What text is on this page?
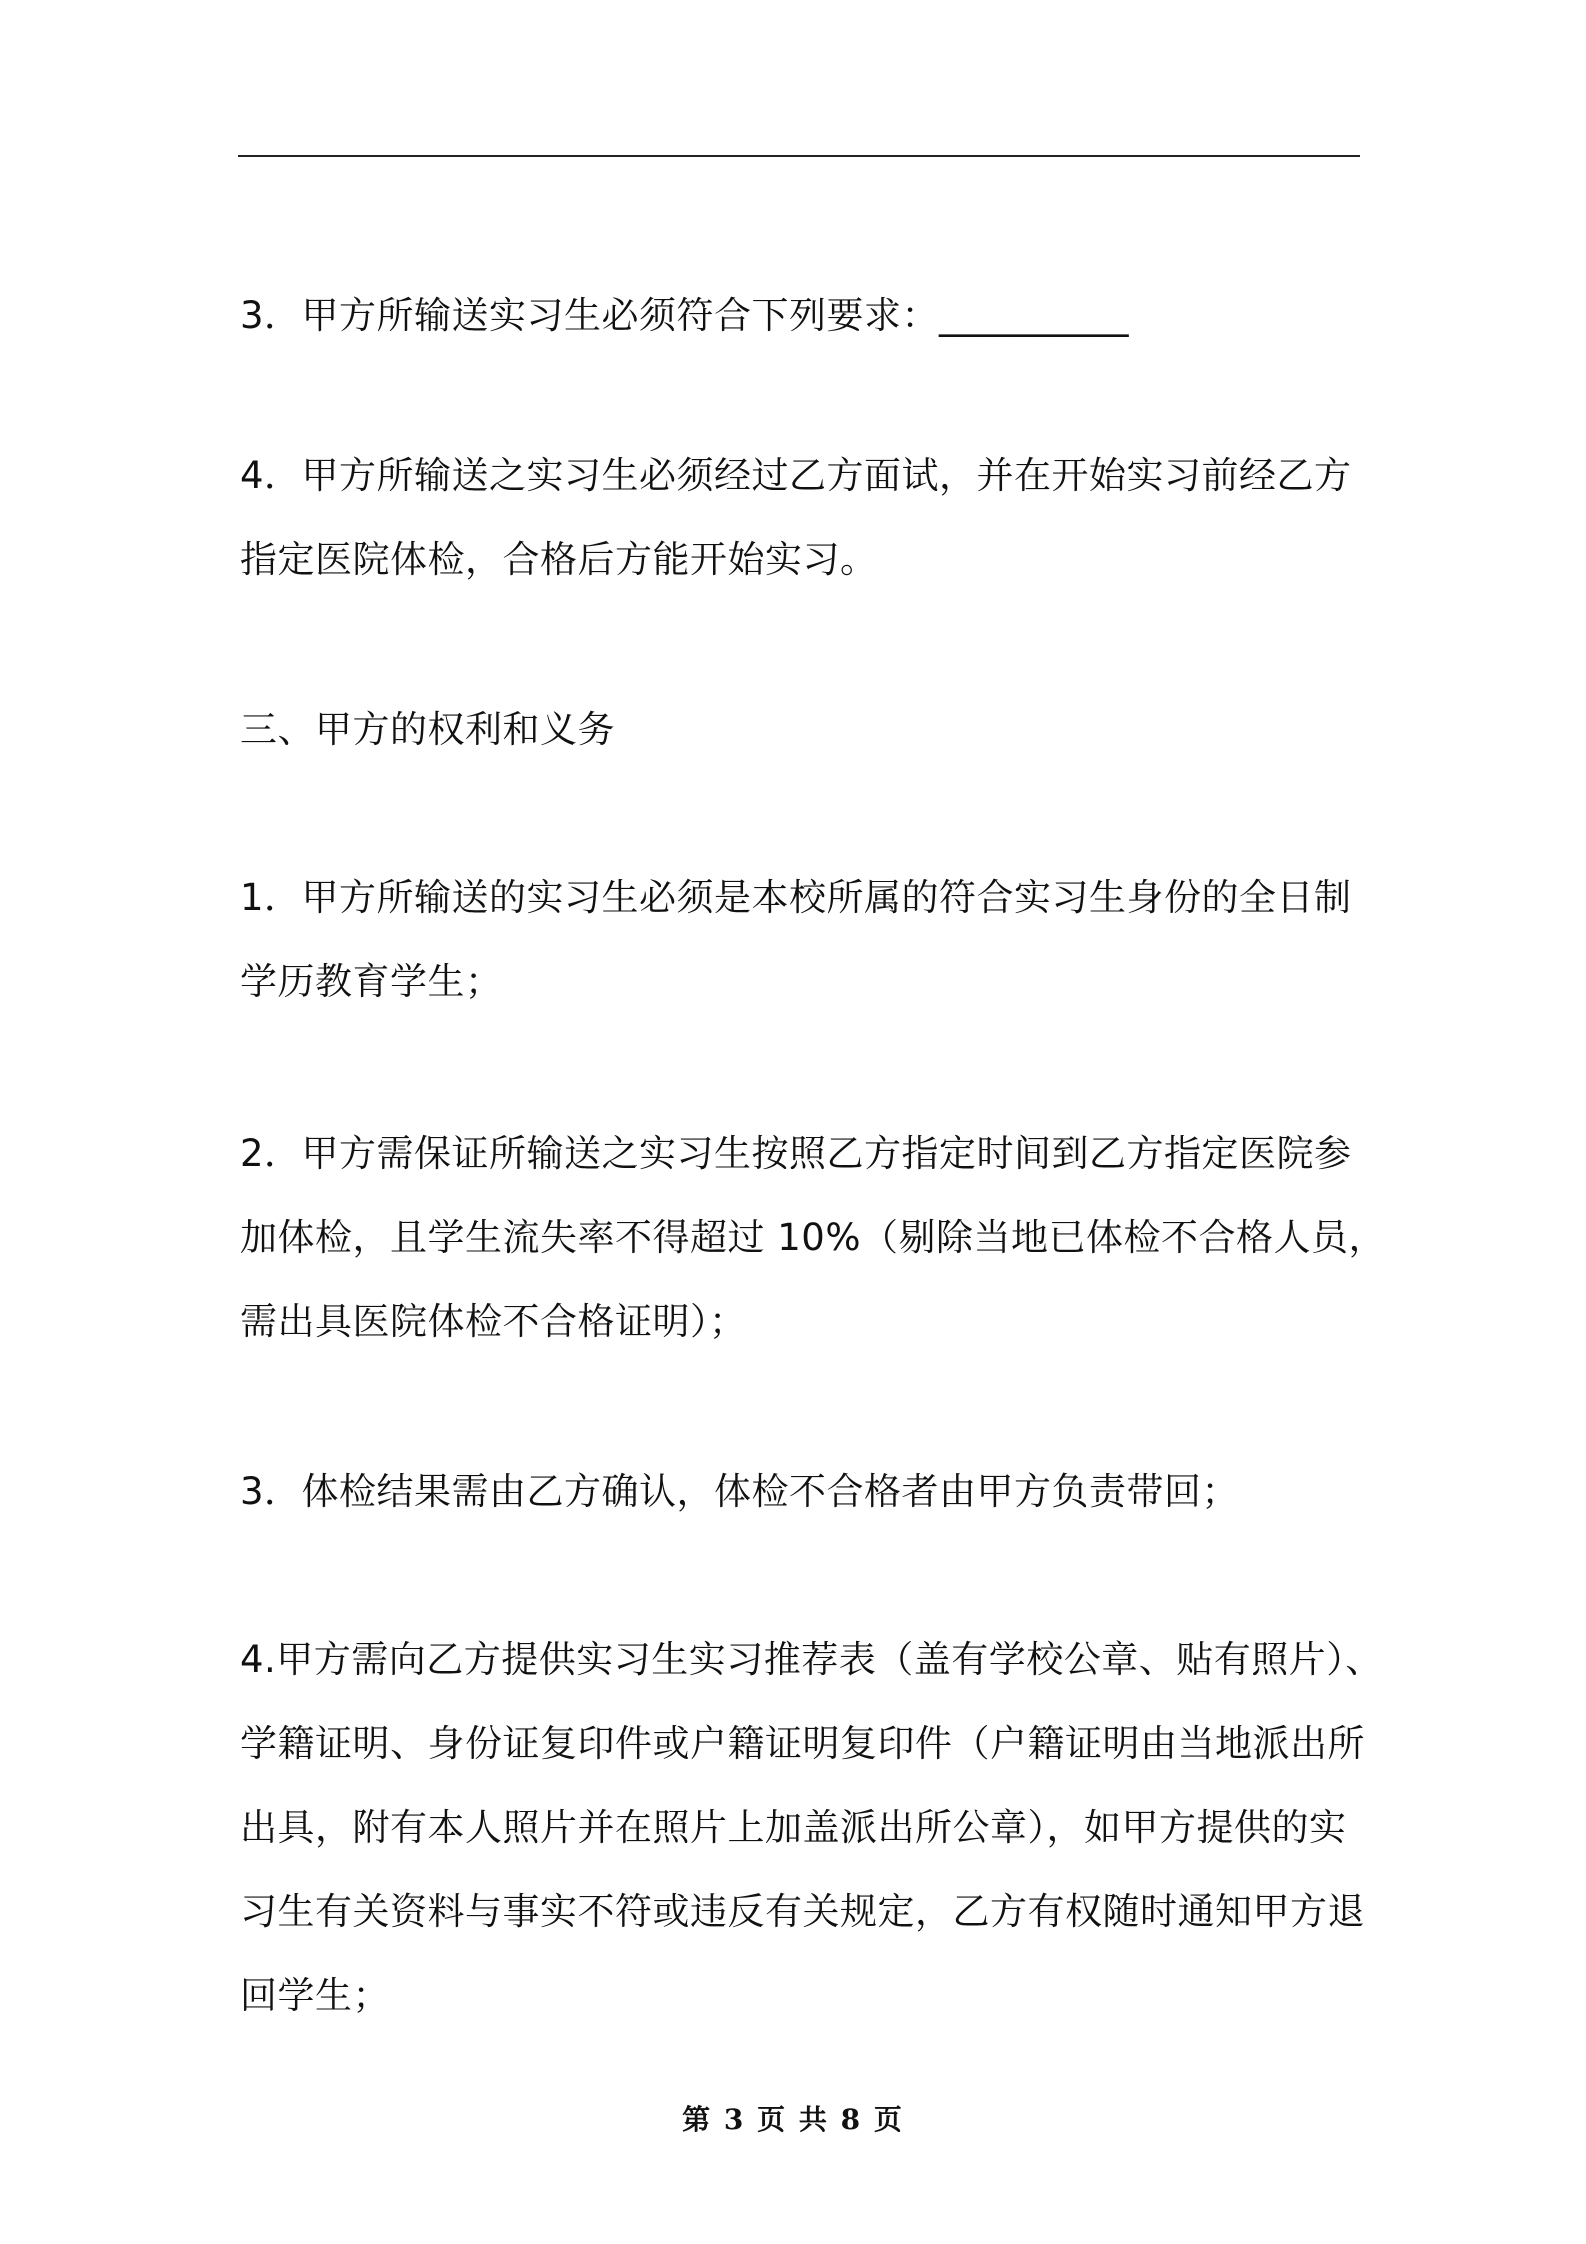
3．甲方所输送实习生必须符合下列要求：__________
4．甲方所输送之实习生必须经过乙方面试，并在开始实习前经乙方
指定医院体检，合格后方能开始实习。
三、甲方的权利和义务
1．甲方所输送的实习生必须是本校所属的符合实习生身份的全日制
学历教育学生；
2．甲方需保证所输送之实习生按照乙方指定时间到乙方指定医院参
加体检，且学生流失率不得超过 10%（剔除当地已体检不合格人员，
需出具医院体检不合格证明）；
3．体检结果需由乙方确认，体检不合格者由甲方负责带回；
4.甲方需向乙方提供实习生实习推荐表（盖有学校公章、贴有照片）、
学籍证明、身份证复印件或户籍证明复印件（户籍证明由当地派出所
出具，附有本人照片并在照片上加盖派出所公章），如甲方提供的实
习生有关资料与事实不符或违反有关规定，乙方有权随时通知甲方退
回学生；
第 3 页 共 8 页
